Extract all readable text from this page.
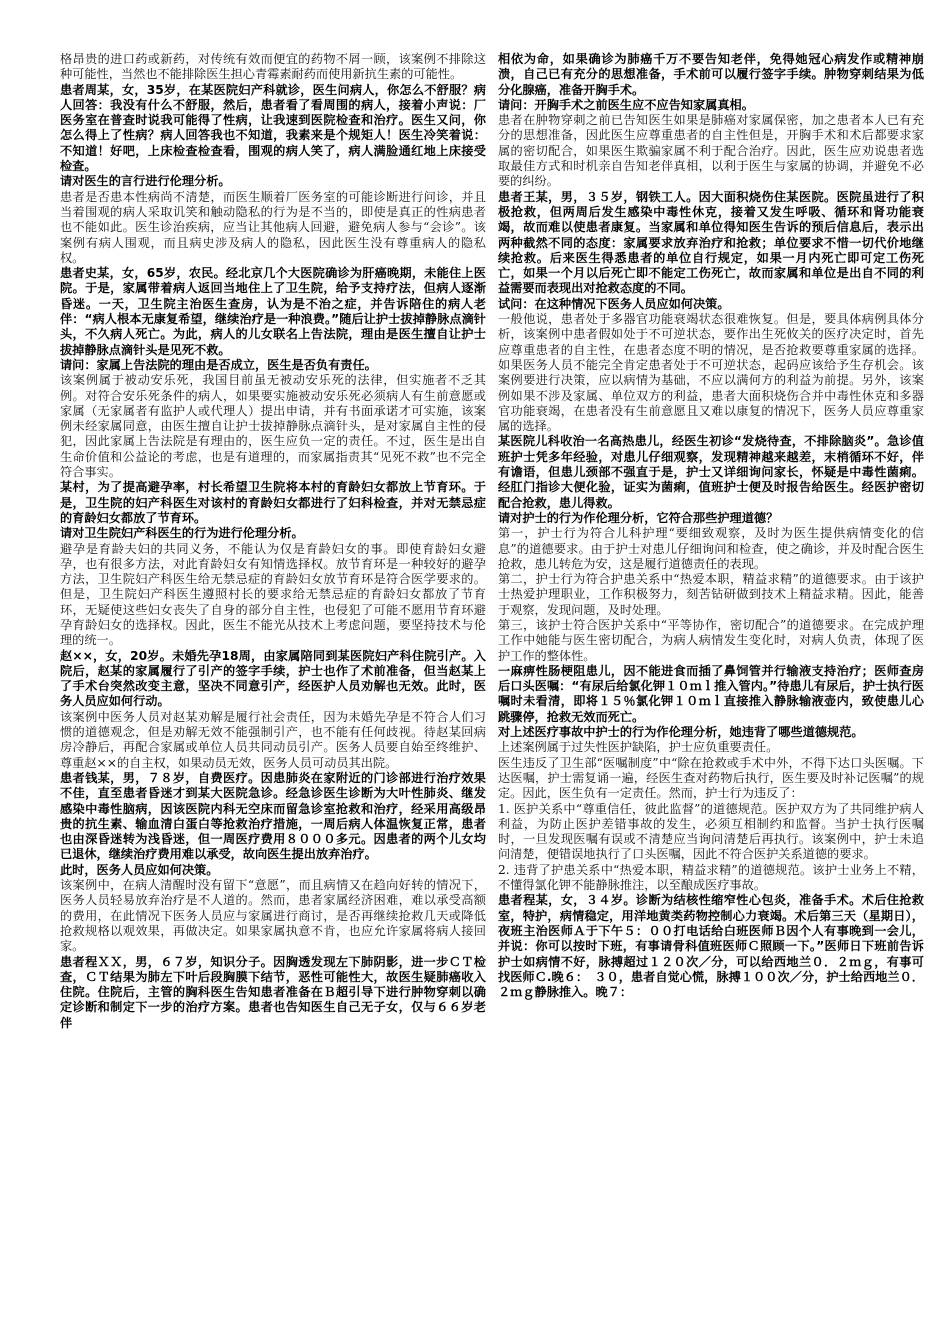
格昂贵的进口药或新药，对传统有效而便宜的药物不屑一顾，该案例不排除这种可能性，当然也不能排除医生担心青霉素耐药而使用新抗生素的可能性。

患者周某，女，35岁，在某医院妇产科就诊，医生问病人，你怎么不舒服？病人回答：我没有什么不舒服，然后，患者看了看周围的病人，接着小声说：厂医务室在普查时说我可能得了性病，让我速到医院检查和治疗。医生又问，你怎么得上了性病？病人回答我也不知道，我素来是个规矩人！医生冷笑着说：不知道！好吧，上床检查检查看，围观的病人笑了，病人满脸通红地上床接受检查。

请对医生的言行进行伦理分析。

患者是否患本性病尚不清楚，而医生顺着厂医务室的可能诊断进行问诊，并且当着围观的病人采取讥笑和触动隐私的行为是不当的，即使是真正的性病患者也不能如此。医生诊治疾病，应当让其他病人回避，避免病人参与“会诊”。该案例有病人围观，而且病史涉及病人的隐私，因此医生没有尊重病人的隐私权。

患者史某，女，65岁，农民。经北京几个大医院确诊为肝癌晚期，未能住上医院。于是，家属带着病人返回当地住上了卫生院，给予支持疗法，但病人逐渐昏迷。一天，卫生院主治医生查房，认为是不治之症，并告诉陪住的病人老伴：“病人根本无康复希望，继续治疗是一种浪费。”随后让护士拔掉静脉点滴针头，不久病人死亡。为此，病人的儿女联名上告法院，理由是医生擅自让护士拔掉静脉点滴针头是见死不救。

请问：家属上告法院的理由是否成立，医生是否负有责任。

该案例属于被动安乐死，我国目前虽无被动安乐死的法律，但实施者不乏其例。对符合安乐死条件的病人，如果要实施被动安乐死必须病人有生前意愿或家属（无家属者有监护人或代理人）提出申请，并有书面承诺才可实施，该案例未经家属同意，由医生擅自让护士拔掉静脉点滴针头，是对家属自主性的侵犯，因此家属上告法院是有理由的，医生应负一定的责任。不过，医生是出自生命价值和公益论的考虑，也是有道理的，而家属指责其“见死不救”也不完全符合事实。

某村，为了提高避孕率，村长希望卫生院将本村的育龄妇女都放上节育环。于是，卫生院的妇产科医生对该村的育龄妇女都进行了妇科检查，并对无禁忌症的育龄妇女都放了节育环。

请对卫生院妇产科医生的行为进行伦理分析。

避孕是育龄夫妇的共同义务，不能认为仅是育龄妇女的事。即使育龄妇女避孕，也有很多方法，对此育龄妇女有知情选择权。放节育环是一种较好的避孕方法，卫生院妇产科医生给无禁忌症的育龄妇女放节育环是符合医学要求的。但是，卫生院妇产科医生遵照村长的要求给无禁忌症的育龄妇女都放了节育环，无疑使这些妇女丧失了自身的部分自主性，也侵犯了可能不愿用节育环避孕育龄妇女的选择权。因此，医生不能光从技术上考虑问题，要坚持技术与伦理的统一。

赵××，女，20岁。未婚先孕18周，由家属陪同到某医院妇产科住院引产。入院后，赵某的家属履行了引产的签字手续，护士也作了术前准备，但当赵某上了手术台突然改变主意，坚决不同意引产，经医护人员劝解也无效。此时，医务人员应如何行动。

该案例中医务人员对赵某劝解是履行社会责任，因为未婚先孕是不符合人们习惯的道德观念，但是劝解无效不能强制引产，也不能有任何歧视。待赵某回病房冷静后，再配合家属或单位人员共同动员引产。医务人员要自始至终维护、尊重赵××的自主权，如果动员无效，医务人员可动员其出院。

患者钱某，男，７８岁，自费医疗。因患肺炎在家附近的门诊部进行治疗效果不佳，直至患者昏迷才到某大医院急诊。经急诊医生诊断为大叶性肺炎、继发感染中毒性脑病，因该医院内科无空床而留急诊室抢救和治疗，经采用高级昂贵的抗生素、输血清白蛋白等抢救治疗措施，一周后病人体温恢复正常，患者也由深昏迷转为浅昏迷，但一周医疗费用８０００多元。因患者的两个儿女均已退休，继续治疗费用难以承受，故向医生提出放弃治疗。

此时，医务人员应如何决策。

该案例中，在病人清醒时没有留下“意愿”，而且病情又在趋向好转的情况下，医务人员轻易放弃治疗是不人道的。然而，患者家属经济困难，难以承受高额的费用，在此情况下医务人员应与家属进行商讨，是否再继续抢救几天或降低抢救规格以观效果，再做决定。如果家属执意不肯，也应允许家属将病人接回家。

患者程ＸＸ，男，６７岁，知识分子。因胸透发现左下肺阴影，进一步ＣＴ检查，ＣＴ结果为肺左下叶后段胸膜下结节，恶性可能性大，故医生疑肺癌收入住院。住院后，主管的胸科医生告知患者准备在Ｂ超引导下进行肿物穿刺以确定诊断和制定下一步的治疗方案。患者也告知医生自己无子女，仅与６６岁老伴

相依为命，如果确诊为肺癌千万不要告知老伴，免得她冠心病发作或精神崩溃，自己已有充分的思想准备，手术前可以履行签字手续。肿物穿刺结果为低分化腺癌，准备开胸手术。

请问：开胸手术之前医生应不应告知家属真相。

患者在肿物穿刺之前已告知医生如果是肺癌对家属保密，加之患者本人已有充分的思想准备，因此医生应尊重患者的自主性但是，开胸手术和术后都要求家属的密切配合，如果医生欺骗家属不利于配合治疗。因此，医生应劝说患者选取最佳方式和时机亲自告知老伴真相，以利于医生与家属的协调，并避免不必要的纠纷。

患者王某，男，３５岁，钢铁工人。因大面积烧伤住某医院。医院虽进行了积极抢救，但两周后发生感染中毒性休克，接着又发生呼吸、循环和肾功能衰竭，故而难以使患者康复。当家属和单位得知医生告诉的预后信息后，表示出两种截然不同的态度：家属要求放弃治疗和抢救；单位要求不惜一切代价地继续抢救。后来医生得悉患者的单位自行规定，如果一月内死亡即可定工伤死亡，如果一个月以后死亡即不能定工伤死亡，故而家属和单位是出自不同的利益需要而表现出对抢救态度的不同。

试问：在这种情况下医务人员应如何决策。

一般他说，患者处于多器官功能衰竭状态很难恢复。但是，要具体病例具体分析，该案例中患者假如处于不可逆状态，要作出生死攸关的医疗决定时，首先应尊重患者的自主性，在患者态度不明的情况，是否抢救要尊重家属的选择。如果医务人员不能完全肯定患者处于不可逆状态，起码应该给予生存机会。该案例要进行决策，应以病情为基础，不应以满何方的利益为前提。另外，该案例如果不涉及家属、单位双方的利益，患者大面积烧伤合并中毒性休克和多器官功能衰竭，在患者没有生前意愿且又难以康复的情况下，医务人员应尊重家属的选择。

某医院儿科收治一名高热患儿，经医生初诊“发烧待查，不排除脑炎”。急诊值班护士凭多年经验，对患儿仔细观察，发现精神越来越差，末梢循环不好，伴有谵语，但患儿颈部不强直于是，护士又详细询问家长，怀疑是中毒性菌痢。经肛门指诊大便化验，证实为菌痢，值班护士便及时报告给医生。经医护密切配合抢救，患儿得救。

请对护士的行为作伦理分析，它符合那些护理道德？

第一，护士行为符合儿科护理“要细致观察，及时为医生提供病情变化的信息”的道德要求。由于护士对患儿仔细询问和检查，使之确诊，并及时配合医生抢救，患儿转危为安，这是履行道德责任的表现。

第二，护士行为符合护患关系中“热爱本职，精益求精”的道德要求。由于该护士热爱护理职业，工作积极努力，刻苦钻研做到技术上精益求精。因此，能善于观察，发现问题，及时处理。

第三，该护士符合医护关系中“平等协作，密切配合”的道德要求。在完成护理工作中她能与医生密切配合，为病人病情发生变化时，对病人负责，体现了医护工作的整体性。

一麻痹性肠梗阻患儿，因不能进食而插了鼻饲管并行输液支持治疗；医师查房后口头医嘱：“有尿后给氯化钾１０ｍｌ推入管内。”待患儿有尿后，护士执行医嘱时未看清，即将１５％氯化钾１０ｍｌ直接推入静脉输液壶内，致使患儿心跳骤停，抢救无效而死亡。

对上述医疗事故中护士的行为作伦理分析，她违背了哪些道德规范。

上述案例属于过失性医护缺陷，护士应负重要责任。

医生违反了卫生部“医嘱制度”中“除在抢救或手术中外，不得下达口头医嘱。下达医嘱，护士需复诵一遍，经医生查对药物后执行，医生要及时补记医嘱”的规定。因此，医生负有一定责任。然而，护士行为违反了：

1. 医护关系中“尊重信任，彼此监督”的道德规范。医护双方为了共同维护病人利益，为防止医护差错事故的发生，必须互相制约和监督。当护士执行医嘱时，一旦发现医嘱有误或不清楚应当询问清楚后再执行。该案例中，护士未追问清楚，便错误地执行了口头医嘱，因此不符合医护关系道德的要求。

2. 违背了护患关系中“热爱本职，精益求精”的道德规范。该护士业务上不精，不懂得氯化钾不能静脉推注，以至酿成医疗事故。

患者程某，女，３４岁。诊断为结核性缩窄性心包炎，准备手术。术后住抢救室，特护，病情稳定，用洋地黄类药物控制心力衰竭。术后第三天（星期日），夜班主治医师Ａ于下午５：００打电话给白班医师Ｂ因个人有事晚到一会儿，并说：你可以按时下班，有事请骨科值班医师Ｃ照顾一下。”医师日下班前告诉护士如病情不好，脉搏超过１２０次／分，可以给西地兰０．２ｍｇ，有事可找医师Ｃ.晚６：　３０，患者自觉心慌，脉搏１００次／分，护士给西地兰０．２ｍｇ静脉推入。晚７：
